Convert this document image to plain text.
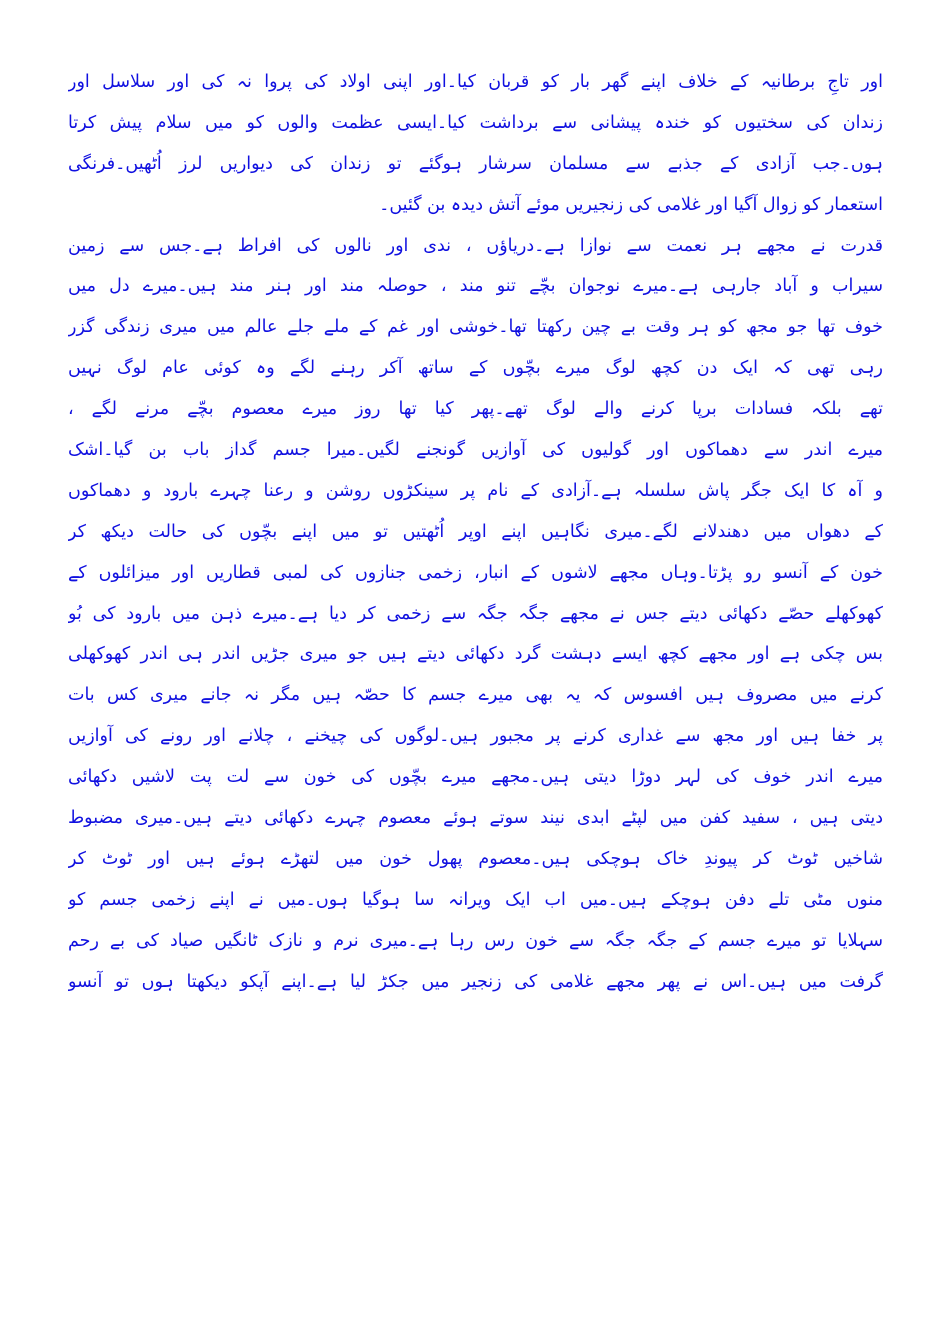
اور تاجِ برطانیہ کے خلاف اپنے گھر بار کو قربان کیا۔اور اپنی اولاد کی پروا نہ کی اور سلاسل اور
زندان کی سختیوں کو خندہ پیشانی سے برداشت کیا۔ایسی عظمت والوں کو میں سلام پیش کرتا
ہوں۔جب آزادی کے جذبے سے مسلمان سرشار ہوگئے تو زندان کی دیواریں لرز اُٹھیں۔فرنگی
استعمار کو زوال آگیا اور غلامی کی زنجیریں موئے آتش دیدہ بن گئیں۔
قدرت نے مجھے ہر نعمت سے نوازا ہے۔دریاؤں ، ندی اور نالوں کی افراط ہے۔جس سے زمین
سیراب و آباد جارہی ہے۔میرے نوجوان بچّے تنو مند ، حوصلہ مند اور ہنر مند ہیں۔میرے دل میں
خوف تھا جو مجھ کو ہر وقت بے چین رکھتا تھا۔خوشی اور غم کے ملے جلے عالم میں میری زندگی گزر
رہی تھی کہ ایک دن کچھ لوگ میرے بچّوں کے ساتھ آکر رہنے لگے وہ کوئی عام لوگ نہیں
تھے بلکہ فسادات برپا کرنے والے لوگ تھے۔پھر کیا تھا روز میرے معصوم بچّے مرنے لگے ،
میرے اندر سے دھماکوں اور گولیوں کی آوازیں گونجنے لگیں۔میرا جسم گداز باب بن گیا۔اشک
و آہ کا ایک جگر پاش سلسلہ ہے۔آزادی کے نام پر سینکڑوں روشن و رعنا چہرے بارود و دھماکوں
کے دھواں میں دھندلانے لگے۔میری نگاہیں اپنے اوپر اُٹھتیں تو میں اپنے بچّوں کی حالت دیکھ کر
خون کے آنسو رو پڑتا۔وہاں مجھے لاشوں کے انبار، زخمی جنازوں کی لمبی قطاریں اور میزائلوں کے
کھوکھلے حصّے دکھائی دیتے جس نے مجھے جگہ جگہ سے زخمی کر دیا ہے۔میرے ذہن میں بارود کی بُو
بس چکی ہے اور مجھے کچھ ایسے دہشت گرد دکھائی دیتے ہیں جو میری جڑیں اندر ہی اندر کھوکھلی
کرنے میں مصروف ہیں افسوس کہ یہ بھی میرے جسم کا حصّہ ہیں مگر نہ جانے میری کس بات
پر خفا ہیں اور مجھ سے غداری کرنے پر مجبور ہیں۔لوگوں کی چیخنے ، چلانے اور رونے کی آوازیں
میرے اندر خوف کی لہر دوڑا دیتی ہیں۔مجھے میرے بچّوں کی خون سے لت پت لاشیں دکھائی
دیتی ہیں ، سفید کفن میں لپٹے ابدی نیند سوتے ہوئے معصوم چہرے دکھائی دیتے ہیں۔میری مضبوط
شاخیں ٹوٹ کر پیوندِ خاک ہوچکی ہیں۔معصوم پھول خون میں لتھڑے ہوئے ہیں اور ٹوٹ کر
منوں مٹی تلے دفن ہوچکے ہیں۔میں اب ایک ویرانہ سا ہوگیا ہوں۔میں نے اپنے زخمی جسم کو
سہلایا تو میرے جسم کے جگہ جگہ سے خون رس رہا ہے۔میری نرم و نازک ٹانگیں صیاد کی بے رحم
گرفت میں ہیں۔اس نے پھر مجھے غلامی کی زنجیر میں جکڑ لیا ہے۔اپنے آپکو دیکھتا ہوں تو آنسو
